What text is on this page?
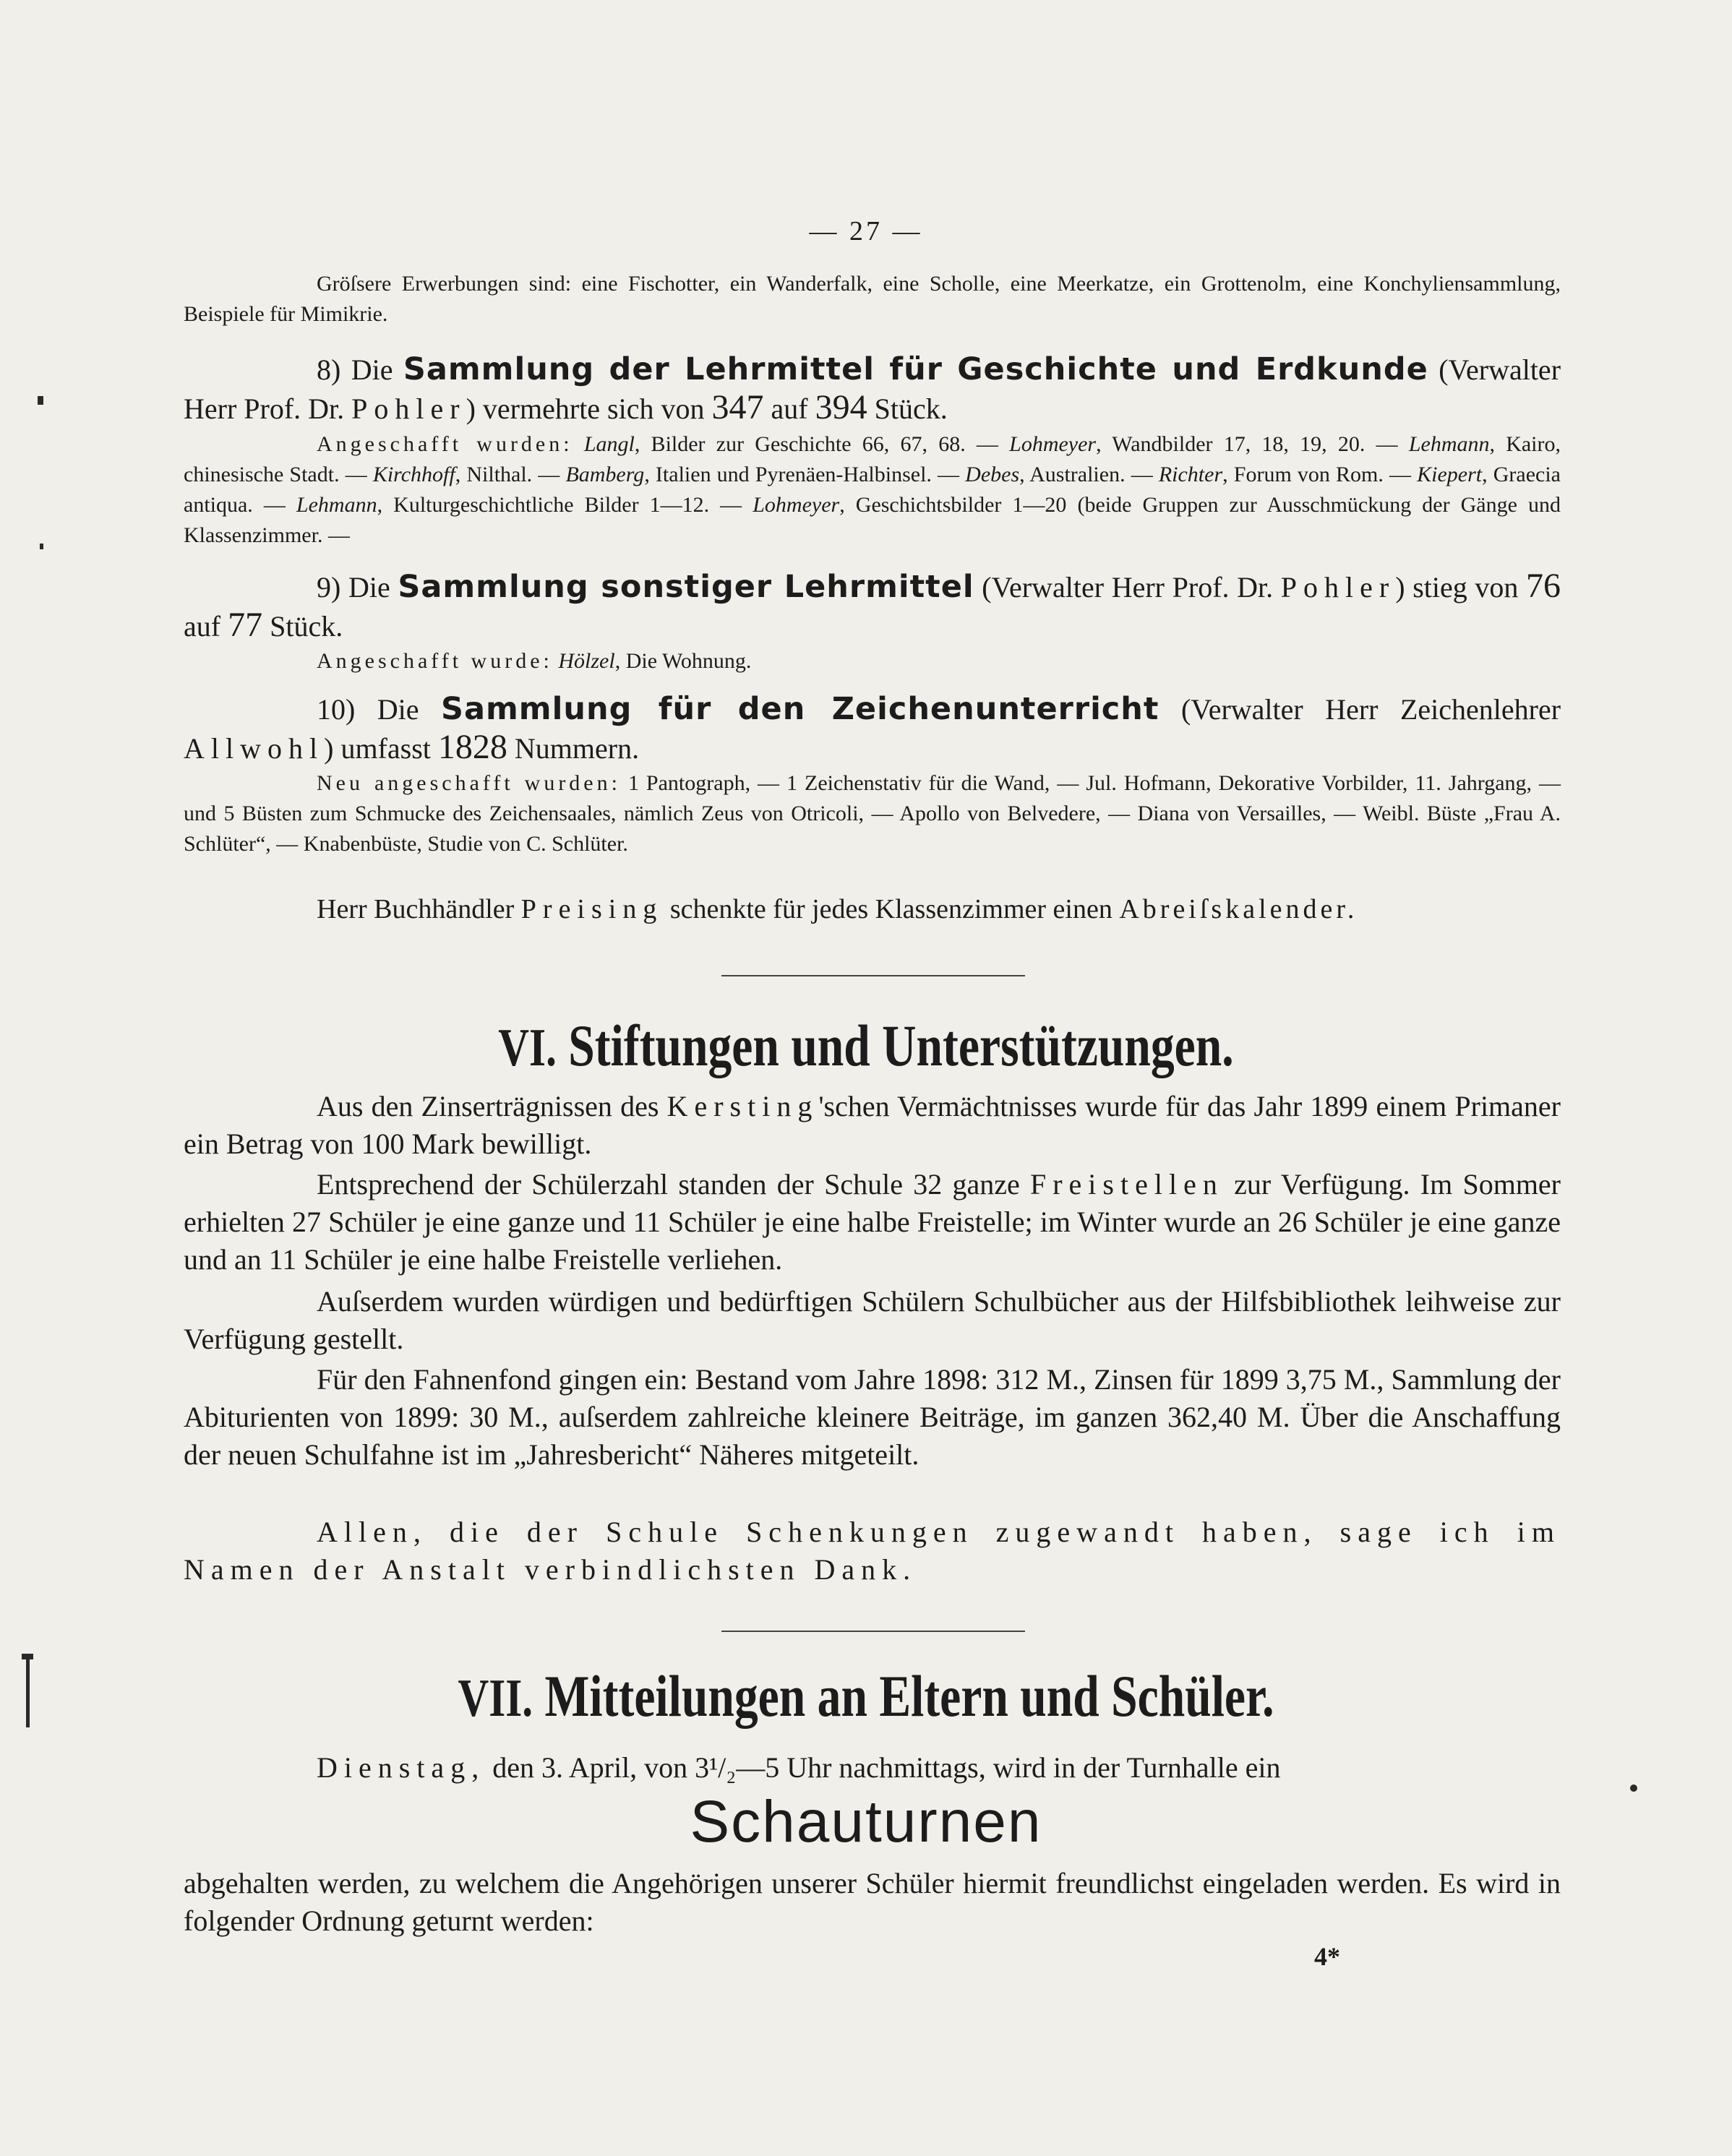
— 27 —

Gröſsere Erwerbungen sind: eine Fischotter, ein Wanderfalk, eine Scholle, eine Meerkatze, ein Grottenolm, eine Konchyliensammlung, Beispiele für Mimikrie.

8) Die Sammlung der Lehrmittel für Geschichte und Erdkunde (Verwalter Herr Prof. Dr. Pohler) vermehrte sich von 347 auf 394 Stück.

Angeschafft wurden: Langl, Bilder zur Geschichte 66, 67, 68. — Lohmeyer, Wandbilder 17, 18, 19, 20. — Lehmann, Kairo, chinesische Stadt. — Kirchhoff, Nilthal. — Bamberg, Italien und Pyrenäen-Halbinsel. — Debes, Australien. — Richter, Forum von Rom. — Kiepert, Graecia antiqua. — Lehmann, Kulturgeschichtliche Bilder 1—12. — Lohmeyer, Geschichtsbilder 1—20 (beide Gruppen zur Ausschmückung der Gänge und Klassenzimmer. —

9) Die Sammlung sonstiger Lehrmittel (Verwalter Herr Prof. Dr. Pohler) stieg von 76 auf 77 Stück.

Angeschafft wurde: Hölzel, Die Wohnung.

10) Die Sammlung für den Zeichenunterricht (Verwalter Herr Zeichenlehrer Allwohl) umfasst 1828 Nummern.

Neu angeschafft wurden: 1 Pantograph, — 1 Zeichenstativ für die Wand, — Jul. Hofmann, Dekorative Vorbilder, 11. Jahrgang, — und 5 Büsten zum Schmucke des Zeichensaales, nämlich Zeus von Otricoli, — Apollo von Belvedere, — Diana von Versailles, — Weibl. Büste „Frau A. Schlüter“, — Knabenbüste, Studie von C. Schlüter.

Herr Buchhändler Preising schenkte für jedes Klassenzimmer einen Abreiſskalender.

VI. Stiftungen und Unterstützungen.

Aus den Zinserträgnissen des Kersting'schen Vermächtnisses wurde für das Jahr 1899 einem Primaner ein Betrag von 100 Mark bewilligt.

Entsprechend der Schülerzahl standen der Schule 32 ganze Freistellen zur Verfügung. Im Sommer erhielten 27 Schüler je eine ganze und 11 Schüler je eine halbe Freistelle; im Winter wurde an 26 Schüler je eine ganze und an 11 Schüler je eine halbe Freistelle verliehen.

Auſserdem wurden würdigen und bedürftigen Schülern Schulbücher aus der Hilfsbibliothek leihweise zur Verfügung gestellt.

Für den Fahnenfond gingen ein: Bestand vom Jahre 1898: 312 M., Zinsen für 1899 3,75 M., Sammlung der Abiturienten von 1899: 30 M., auſserdem zahlreiche kleinere Beiträge, im ganzen 362,40 M. Über die Anschaffung der neuen Schulfahne ist im „Jahresbericht“ Näheres mitgeteilt.

Allen, die der Schule Schenkungen zugewandt haben, sage ich im Namen der Anstalt verbindlichsten Dank.

VII. Mitteilungen an Eltern und Schüler.

Dienstag, den 3. April, von 3¹/₂—5 Uhr nachmittags, wird in der Turnhalle ein

Schauturnen

abgehalten werden, zu welchem die Angehörigen unserer Schüler hiermit freundlichst eingeladen werden. Es wird in folgender Ordnung geturnt werden:

4*
